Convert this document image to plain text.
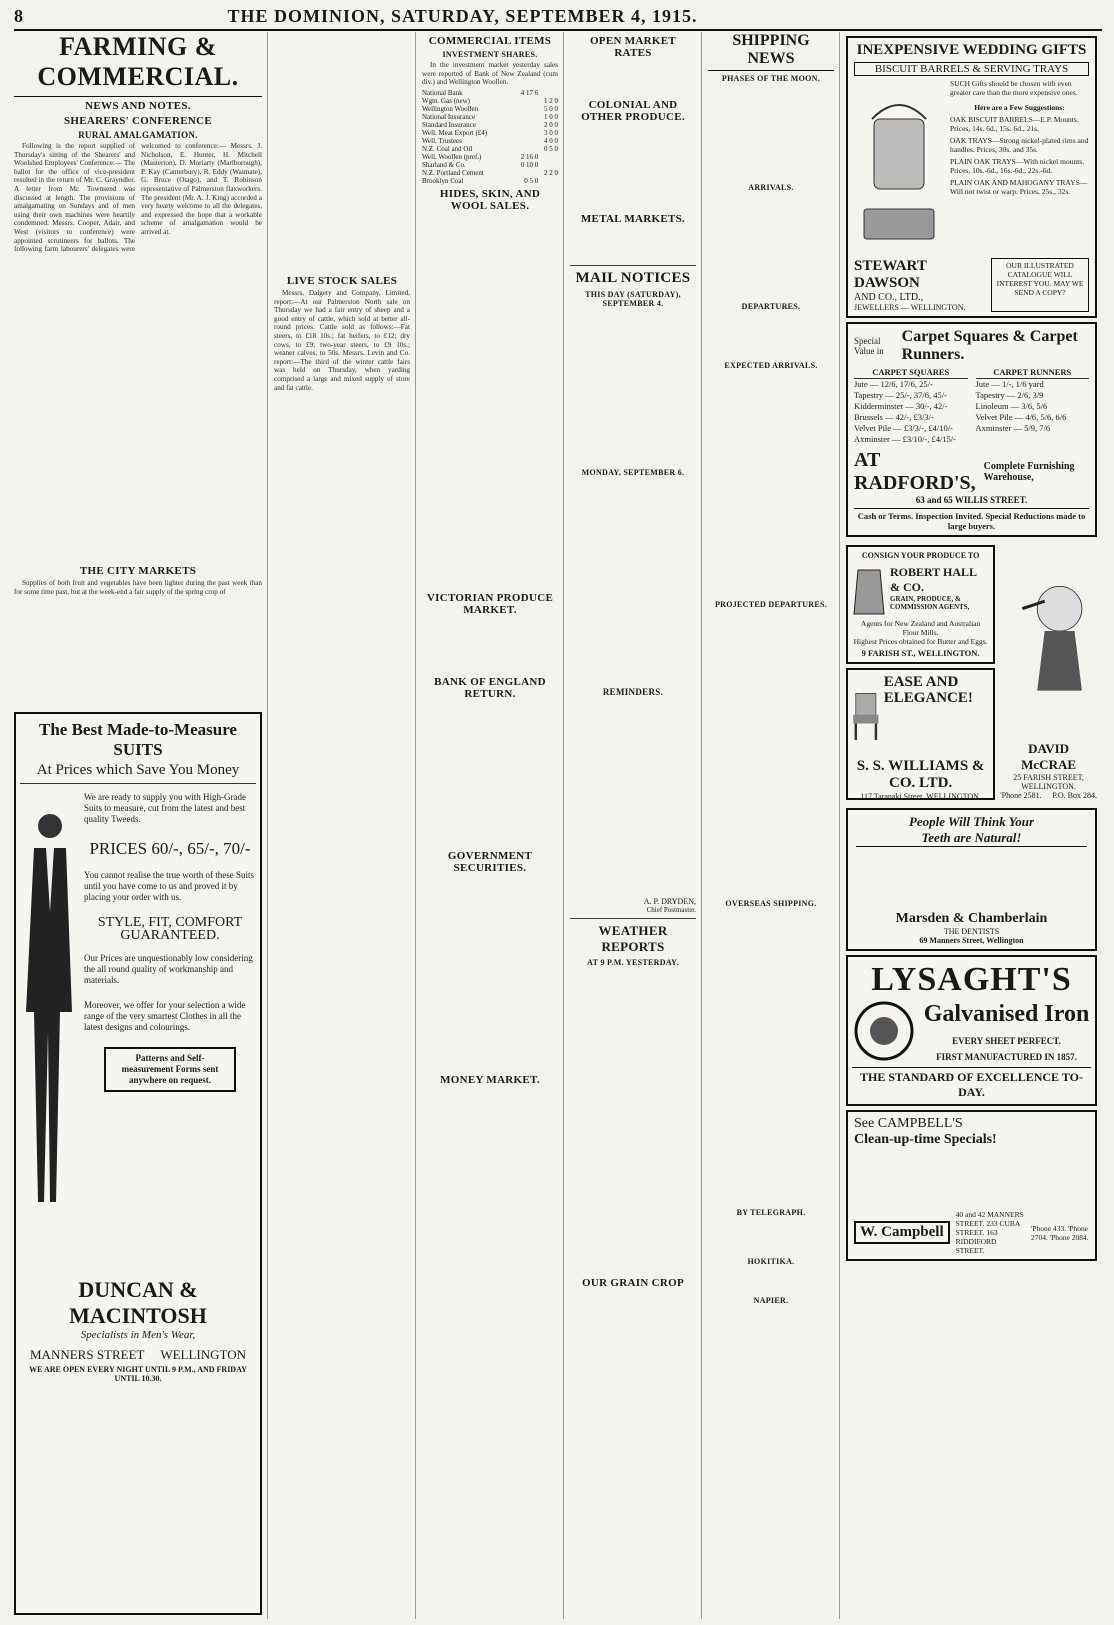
8	THE DOMINION, SATURDAY, SEPTEMBER 4, 1915.
FARMING & COMMERCIAL.
NEWS AND NOTES.
SHEARERS' CONFERENCE
RURAL AMALGAMATION.

Following is the report supplied of Thursday's sitting of the Shearers' and Woolshed Employees' Conference:— The ballot for the office of vice-president resulted in the return of Mr. C. Grayndler. A letter from Mr. Townsend was discussed at length. The provisions of amalgamating on Sundays and of men using their own machines were heartily condemned. Messrs. Cooper, Adair, and West (visitors to conference) were appointed scrutineers for ballots. The following farm labourers' delegates were welcomed to conference:— Messrs. J. Nicholson, E. Hunter, H. Mitchell (Masterton), D. Moriarty (Marlborough), P. Kay (Canterbury), R. Eddy (Waimate), G. Bruce (Otago), and T. Robinson representative of Palmerston flaxworkers. The president (Mr. A. J. King) accorded a very hearty welcome to all the delegates, and expressed the hope that a workable scheme of amalgamation would be arrived at.

THE CITY MARKETS

Supplies of both fruit and vegetables have been lighter during the past week than for some time past, but at the week-end a fair supply of the spring crop of

The Best Made-to-Measure SUITS
At Prices which Save You Money
We are ready to supply you with High-Grade Suits to measure, cut from the latest and best quality Tweeds.
PRICES 60/-, 65/-, 70/-
You cannot realise the true worth of these Suits until you have come to us and proved it by placing your order with us.
STYLE, FIT, COMFORT
GUARANTEED.
Our Prices are unquestionably low considering the all round quality of workmanship and materials.
Moreover, we offer for your selection a wide range of the very smartest Clothes in all the latest designs and colourings.
Patterns and Self-measurement Forms sent anywhere on request.
DUNCAN & MACINTOSH
Specialists in Men's Wear,
MANNERS STREET WELLINGTON
WE ARE OPEN EVERY NIGHT UNTIL 9 P.M., AND FRIDAY UNTIL 10.30.

LIVE STOCK SALES

Messrs. Dalgety and Company, Limited, report:—At our Palmerston North sale on Thursday we had a fair entry of sheep and a good entry of cattle, which sold at better all-round prices. Cattle sold as follows:—Fat steers, to £18 10s.; fat heifers, to £12; dry cows, to £9; two-year steers, to £9 10s.; weaner calves, to 50s. Messrs. Levin and Co. report:—The third of the winter cattle fairs was held on Thursday, when yarding comprised a large and mixed supply of store and fat cattle.

COMMERCIAL ITEMS
INVESTMENT SHARES.

In the investment market yesterday sales were reported of Bank of New Zealand (cum div.) and Wellington Woollen.

National Bank	4 17 6	
Wgtn. Gas (new)		1 2 0
Wellington Woollen		5 0 0
National Insurance		1 0 0
Standard Insurance		2 0 0
Well. Meat Export (£4)		3 0 0
Well. Trustees		4 0 0
N.Z. Coal and Oil		0 5 0
Well. Woollen (pref.)	2 16 0	
Sharland & Co.	0 10 0	
N.Z. Portland Cement		2 2 0
Brooklyn Coal	0 5 0	
HIDES, SKIN, AND WOOL SALES.
VICTORIAN PRODUCE MARKET.
BANK OF ENGLAND RETURN.
GOVERNMENT SECURITIES.
MONEY MARKET.
OPEN MARKET RATES
COLONIAL AND OTHER PRODUCE.
METAL MARKETS.
MAIL NOTICES
THIS DAY (SATURDAY), SEPTEMBER 4.
MONDAY, SEPTEMBER 6.
REMINDERS.
A. P. DRYDEN,
Chief Postmaster.
WEATHER REPORTS
AT 9 P.M. YESTERDAY.
OUR GRAIN CROP
SHIPPING NEWS
PHASES OF THE MOON.
ARRIVALS.
DEPARTURES.
EXPECTED ARRIVALS.
PROJECTED DEPARTURES.
OVERSEAS SHIPPING.
BY TELEGRAPH.
HOKITIKA.
NAPIER.
INEXPENSIVE WEDDING GIFTS
BISCUIT BARRELS & SERVING TRAYS
SUCH Gifts should be chosen with even greater care than the more expensive ones.
Here are a Few Suggestions:
OAK BISCUIT BARRELS—E.P. Mounts. Prices, 14s. 6d., 15s. 6d., 21s.
OAK TRAYS—Strong nickel-plated rims and handles. Prices, 30s. and 35s.
PLAIN OAK TRAYS—With nickel mounts. Prices, 10s.-6d., 16s.-6d., 22s.-6d.
PLAIN OAK AND MAHOGANY TRAYS—Will not twist or warp. Prices, 25s., 32s.
STEWART DAWSON
AND CO., LTD.,
JEWELLERS — WELLINGTON.
OUR ILLUSTRATED CATALOGUE WILL INTEREST YOU. MAY WE SEND A COPY?
Special Value in
Carpet Squares & Carpet Runners.
CARPET SQUARES
Jute — 12/6, 17/6, 25/-
Tapestry — 25/-, 37/6, 45/-
Kidderminster — 30/-, 42/-
Brussels — 42/-, £3/3/-
Velvet Pile — £3/3/-, £4/10/-
Axminster — £3/10/-, £4/15/-
CARPET RUNNERS
Jute — 1/-, 1/6 yard
Tapestry — 2/6, 3/9
Linoleum — 3/6, 5/6
Velvet Pile — 4/6, 5/6, 6/6
Axminster — 5/9, 7/6
AT RADFORD'S,
Complete Furnishing Warehouse,
63 and 65 WILLIS STREET.
Cash or Terms. Inspection Invited. Special Reductions made to large buyers.
CONSIGN YOUR PRODUCE TO
ROBERT HALL & CO.
GRAIN, PRODUCE, & COMMISSION AGENTS,
Agents for New Zealand and Australian Flour Mills.
Highest Prices obtained for Butter and Eggs.
9 FARISH ST., WELLINGTON.
EASE AND ELEGANCE!
S. S. WILLIAMS & CO. LTD.
117 Taranaki Street, WELLINGTON.
DAVID McCRAE
25 FARISH STREET, WELLINGTON.
'Phone 2581. P.O. Box 284.
People Will Think Your
Teeth are Natural!

Marsden & Chamberlain
THE DENTISTS
69 Manners Street, Wellington
LYSAGHT'S
Galvanised Iron
EVERY SHEET PERFECT.
FIRST MANUFACTURED IN 1857.
THE STANDARD OF EXCELLENCE TO-DAY.
See CAMPBELL'S
Clean-up-time Specials!

W. Campbell
40 and 42 MANNERS STREET. 233 CUBA STREET. 163 RIDDIFORD STREET.
'Phone 433. 'Phone 2704. 'Phone 2084.
